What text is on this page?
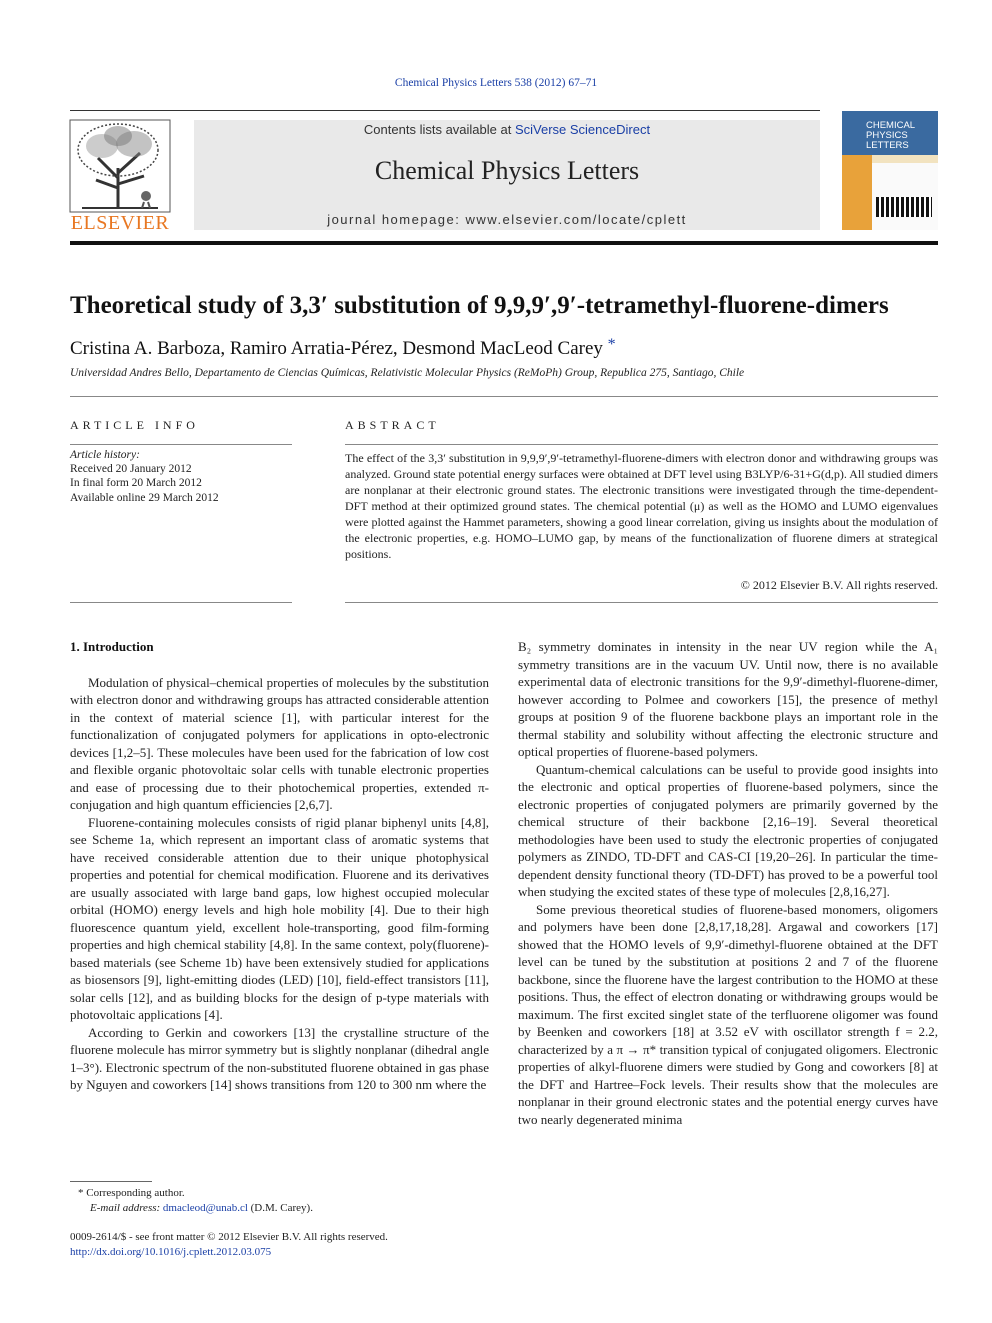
Chemical Physics Letters 538 (2012) 67–71
ELSEVIER
Contents lists available at SciVerse ScienceDirect
Chemical Physics Letters
journal homepage: www.elsevier.com/locate/cplett
CHEMICAL
PHYSICS
LETTERS
Theoretical study of 3,3′ substitution of 9,9,9′,9′-tetramethyl-fluorene-dimers
Cristina A. Barboza, Ramiro Arratia-Pérez, Desmond MacLeod Carey *
Universidad Andres Bello, Departamento de Ciencias Químicas, Relativistic Molecular Physics (ReMoPh) Group, Republica 275, Santiago, Chile
ARTICLE INFO
Article history:
Received 20 January 2012
In final form 20 March 2012
Available online 29 March 2012
ABSTRACT
The effect of the 3,3′ substitution in 9,9,9′,9′-tetramethyl-fluorene-dimers with electron donor and withdrawing groups was analyzed. Ground state potential energy surfaces were obtained at DFT level using B3LYP/6-31+G(d,p). All studied dimers are nonplanar at their electronic ground states. The electronic transitions were investigated through the time-dependent-DFT method at their optimized ground states. The chemical potential (μ) as well as the HOMO and LUMO eigenvalues were plotted against the Hammet parameters, showing a good linear correlation, giving us insights about the modulation of the electronic properties, e.g. HOMO–LUMO gap, by means of the functionalization of fluorene dimers at strategical positions.
© 2012 Elsevier B.V. All rights reserved.
1. Introduction

Modulation of physical–chemical properties of molecules by the substitution with electron donor and withdrawing groups has attracted considerable attention in the context of material science [1], with particular interest for the functionalization of conjugated polymers for applications in opto-electronic devices [1,2–5]. These molecules have been used for the fabrication of low cost and flexible organic photovoltaic solar cells with tunable electronic properties and ease of processing due to their photochemical properties, extended π-conjugation and high quantum efficiencies [2,6,7].

Fluorene-containing molecules consists of rigid planar biphenyl units [4,8], see Scheme 1a, which represent an important class of aromatic systems that have received considerable attention due to their unique photophysical properties and potential for chemical modification. Fluorene and its derivatives are usually associated with large band gaps, low highest occupied molecular orbital (HOMO) energy levels and high hole mobility [4]. Due to their high fluorescence quantum yield, excellent hole-transporting, good film-forming properties and high chemical stability [4,8]. In the same context, poly(fluorene)-based materials (see Scheme 1b) have been extensively studied for applications as biosensors [9], light-emitting diodes (LED) [10], field-effect transistors [11], solar cells [12], and as building blocks for the design of p-type materials with photovoltaic applications [4].

According to Gerkin and coworkers [13] the crystalline structure of the fluorene molecule has mirror symmetry but is slightly nonplanar (dihedral angle 1–3°). Electronic spectrum of the non-substituted fluorene obtained in gas phase by Nguyen and coworkers [14] shows transitions from 120 to 300 nm where the

B₂ symmetry dominates in intensity in the near UV region while the A₁ symmetry transitions are in the vacuum UV. Until now, there is no available experimental data of electronic transitions for the 9,9′-dimethyl-fluorene-dimer, however according to Polmee and coworkers [15], the presence of methyl groups at position 9 of the fluorene backbone plays an important role in the thermal stability and solubility without affecting the electronic structure and optical properties of fluorene-based polymers.

Quantum-chemical calculations can be useful to provide good insights into the electronic and optical properties of fluorene-based polymers, since the electronic properties of conjugated polymers are primarily governed by the chemical structure of their backbone [2,16–19]. Several theoretical methodologies have been used to study the electronic properties of conjugated polymers as ZINDO, TD-DFT and CAS-CI [19,20–26]. In particular the time-dependent density functional theory (TD-DFT) has proved to be a powerful tool when studying the excited states of these type of molecules [2,8,16,27].

Some previous theoretical studies of fluorene-based monomers, oligomers and polymers have been done [2,8,17,18,28]. Argawal and coworkers [17] showed that the HOMO levels of 9,9′-dimethyl-fluorene obtained at the DFT level can be tuned by the substitution at positions 2 and 7 of the fluorene backbone, since the fluorene have the largest contribution to the HOMO at these positions. Thus, the effect of electron donating or withdrawing groups would be maximum. The first excited singlet state of the terfluorene oligomer was found by Beenken and coworkers [18] at 3.52 eV with oscillator strength f = 2.2, characterized by a π → π* transition typical of conjugated oligomers. Electronic properties of alkyl-fluorene dimers were studied by Gong and coworkers [8] at the DFT and Hartree–Fock levels. Their results show that the molecules are nonplanar in their ground electronic states and the potential energy curves have two nearly degenerated minima

* Corresponding author.
E-mail address: dmacleod@unab.cl (D.M. Carey).
0009-2614/$ - see front matter © 2012 Elsevier B.V. All rights reserved.
http://dx.doi.org/10.1016/j.cplett.2012.03.075
